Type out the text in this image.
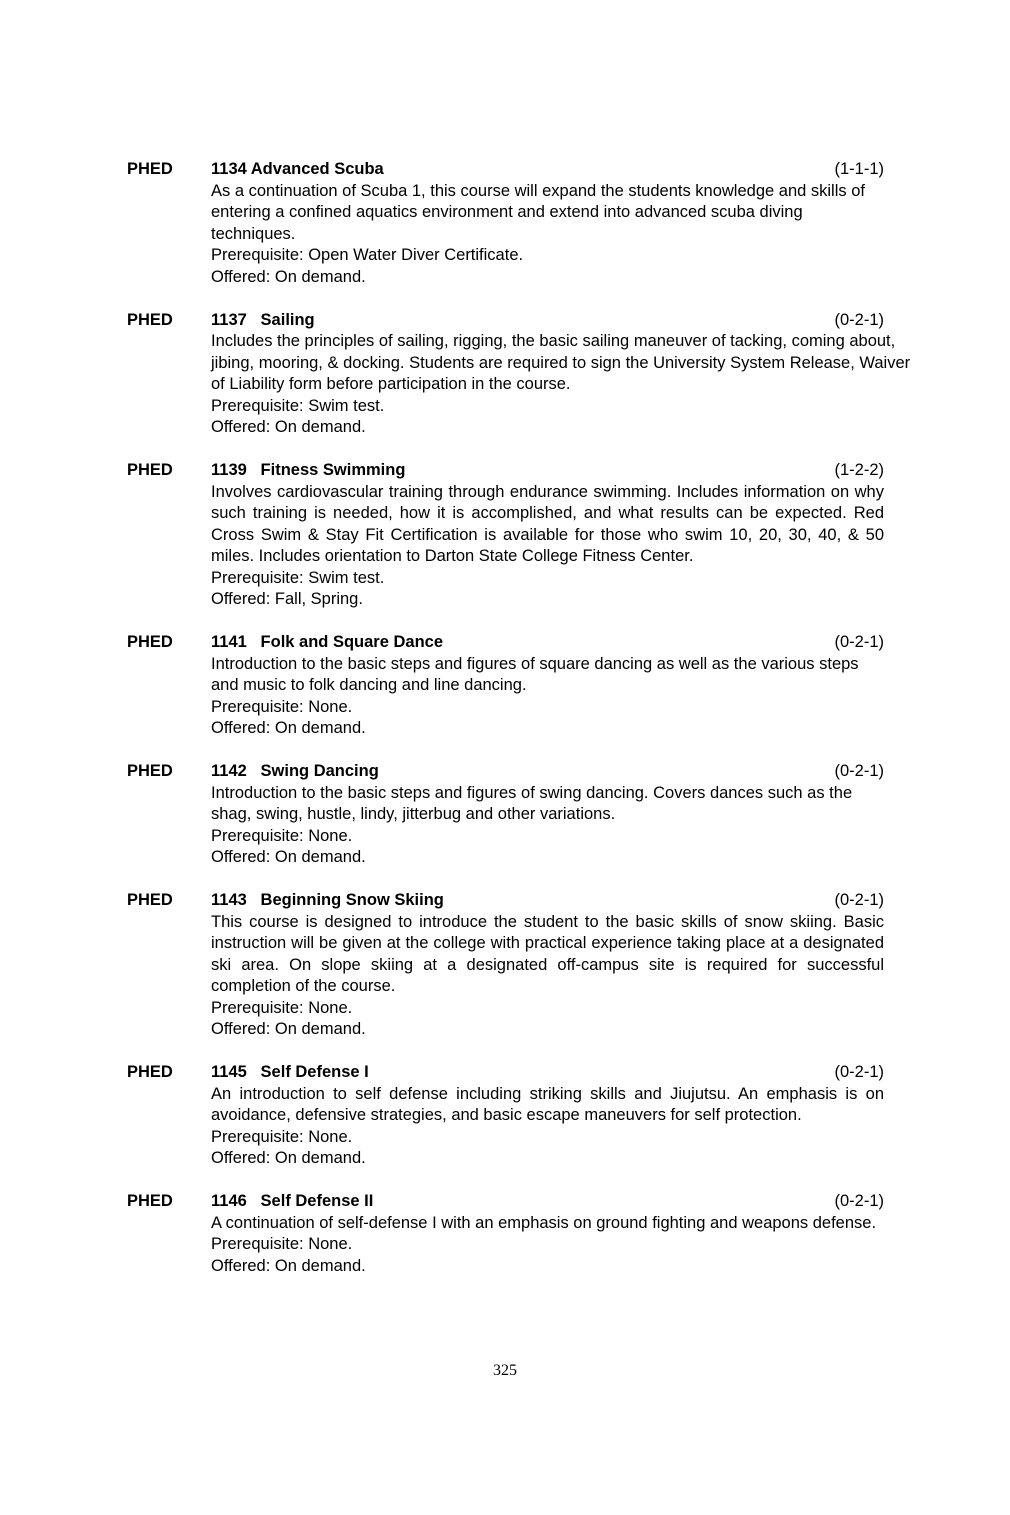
PHED 1134 Advanced Scuba	(1-1-1)
As a continuation of Scuba 1, this course will expand the students knowledge and skills of entering a confined aquatics environment and extend into advanced scuba diving techniques.
Prerequisite: Open Water Diver Certificate.
Offered: On demand.
PHED 1137   Sailing	(0-2-1)
Includes the principles of sailing, rigging, the basic sailing maneuver of tacking, coming about, jibing, mooring, & docking. Students are required to sign the University System Release, Waiver of Liability form before participation in the course.
Prerequisite: Swim test.
Offered: On demand.
PHED 1139   Fitness Swimming	(1-2-2)
Involves cardiovascular training through endurance swimming. Includes information on why such training is needed, how it is accomplished, and what results can be expected. Red Cross Swim & Stay Fit Certification is available for those who swim 10, 20, 30, 40, & 50 miles. Includes orientation to Darton State College Fitness Center.
Prerequisite: Swim test.
Offered: Fall, Spring.
PHED 1141   Folk and Square Dance	(0-2-1)
Introduction to the basic steps and figures of square dancing as well as the various steps and music to folk dancing and line dancing.
Prerequisite: None.
Offered: On demand.
PHED 1142   Swing Dancing	(0-2-1)
Introduction to the basic steps and figures of swing dancing. Covers dances such as the shag, swing, hustle, lindy, jitterbug and other variations.
Prerequisite: None.
Offered: On demand.
PHED 1143   Beginning Snow Skiing	(0-2-1)
This course is designed to introduce the student to the basic skills of snow skiing. Basic instruction will be given at the college with practical experience taking place at a designated ski area. On slope skiing at a designated off-campus site is required for successful completion of the course.
Prerequisite: None.
Offered: On demand.
PHED 1145   Self Defense I	(0-2-1)
An introduction to self defense including striking skills and Jiujutsu. An emphasis is on avoidance, defensive strategies, and basic escape maneuvers for self protection.
Prerequisite: None.
Offered: On demand.
PHED 1146   Self Defense II	(0-2-1)
A continuation of self-defense I with an emphasis on ground fighting and weapons defense.
Prerequisite: None.
Offered: On demand.
325
